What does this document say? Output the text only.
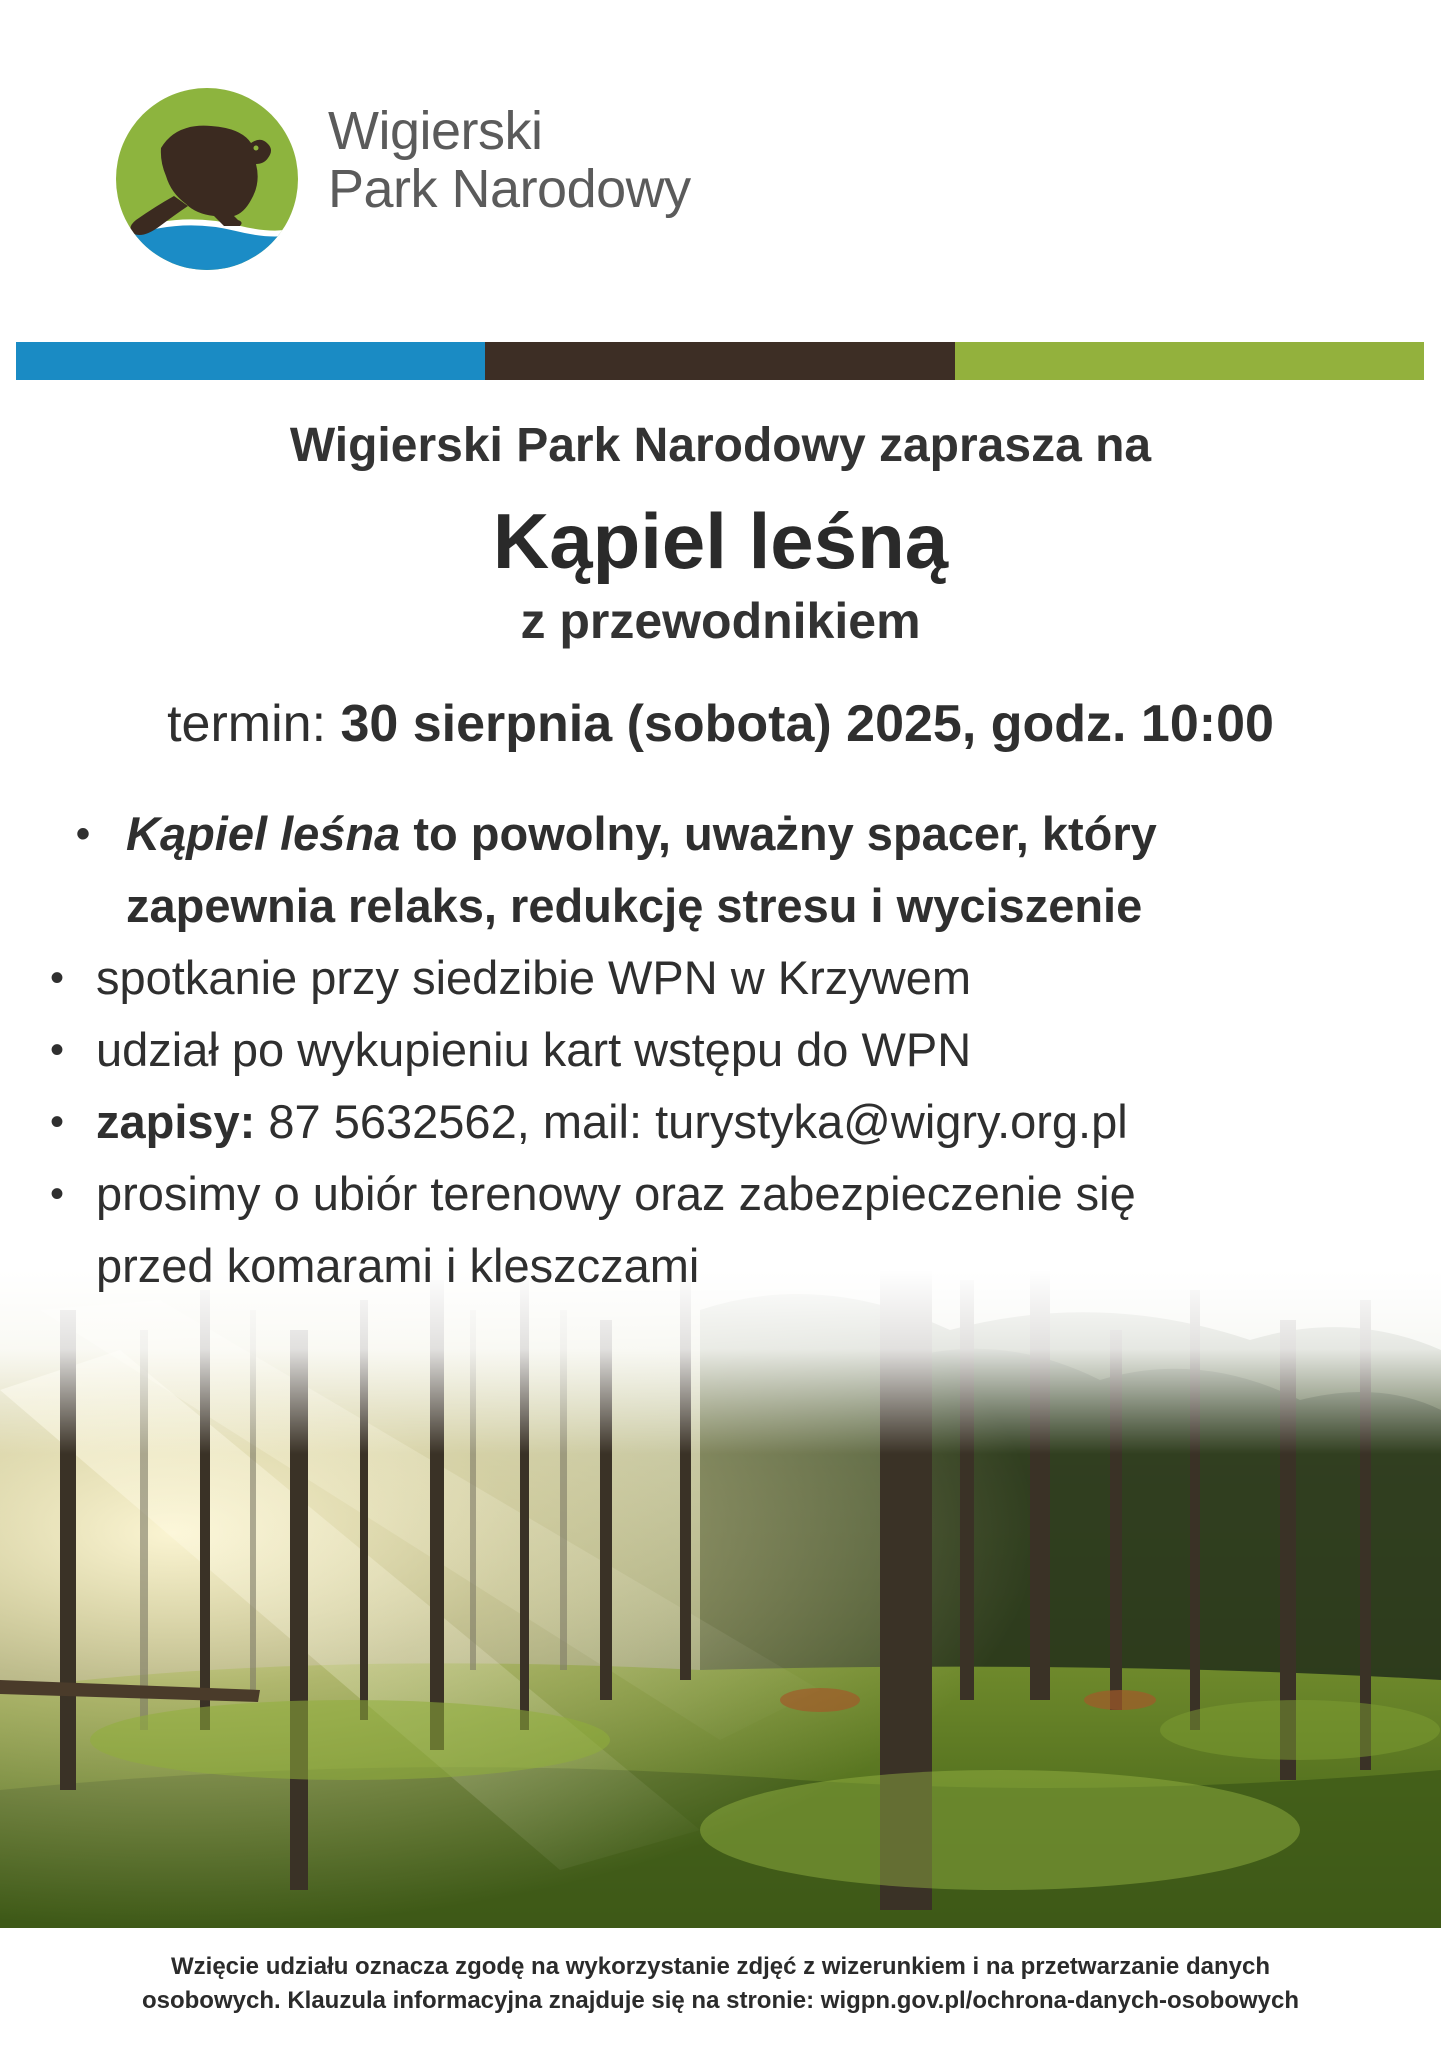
Wigierski
Park Narodowy
Wigierski Park Narodowy zaprasza na
Kąpiel leśną
z przewodnikiem
termin: 30 sierpnia (sobota) 2025, godz. 10:00
• Kąpiel leśna to powolny, uważny spacer, który
zapewnia relaks, redukcję stresu i wyciszenie
• spotkanie przy siedzibie WPN w Krzywem
• udział po wykupieniu kart wstępu do WPN
• zapisy: 87 5632562, mail: turystyka@wigry.org.pl
• prosimy o ubiór terenowy oraz zabezpieczenie się
przed komarami i kleszczami
Wzięcie udziału oznacza zgodę na wykorzystanie zdjęć z wizerunkiem i na przetwarzanie danych
osobowych. Klauzula informacyjna znajduje się na stronie: wigpn.gov.pl/ochrona-danych-osobowych
